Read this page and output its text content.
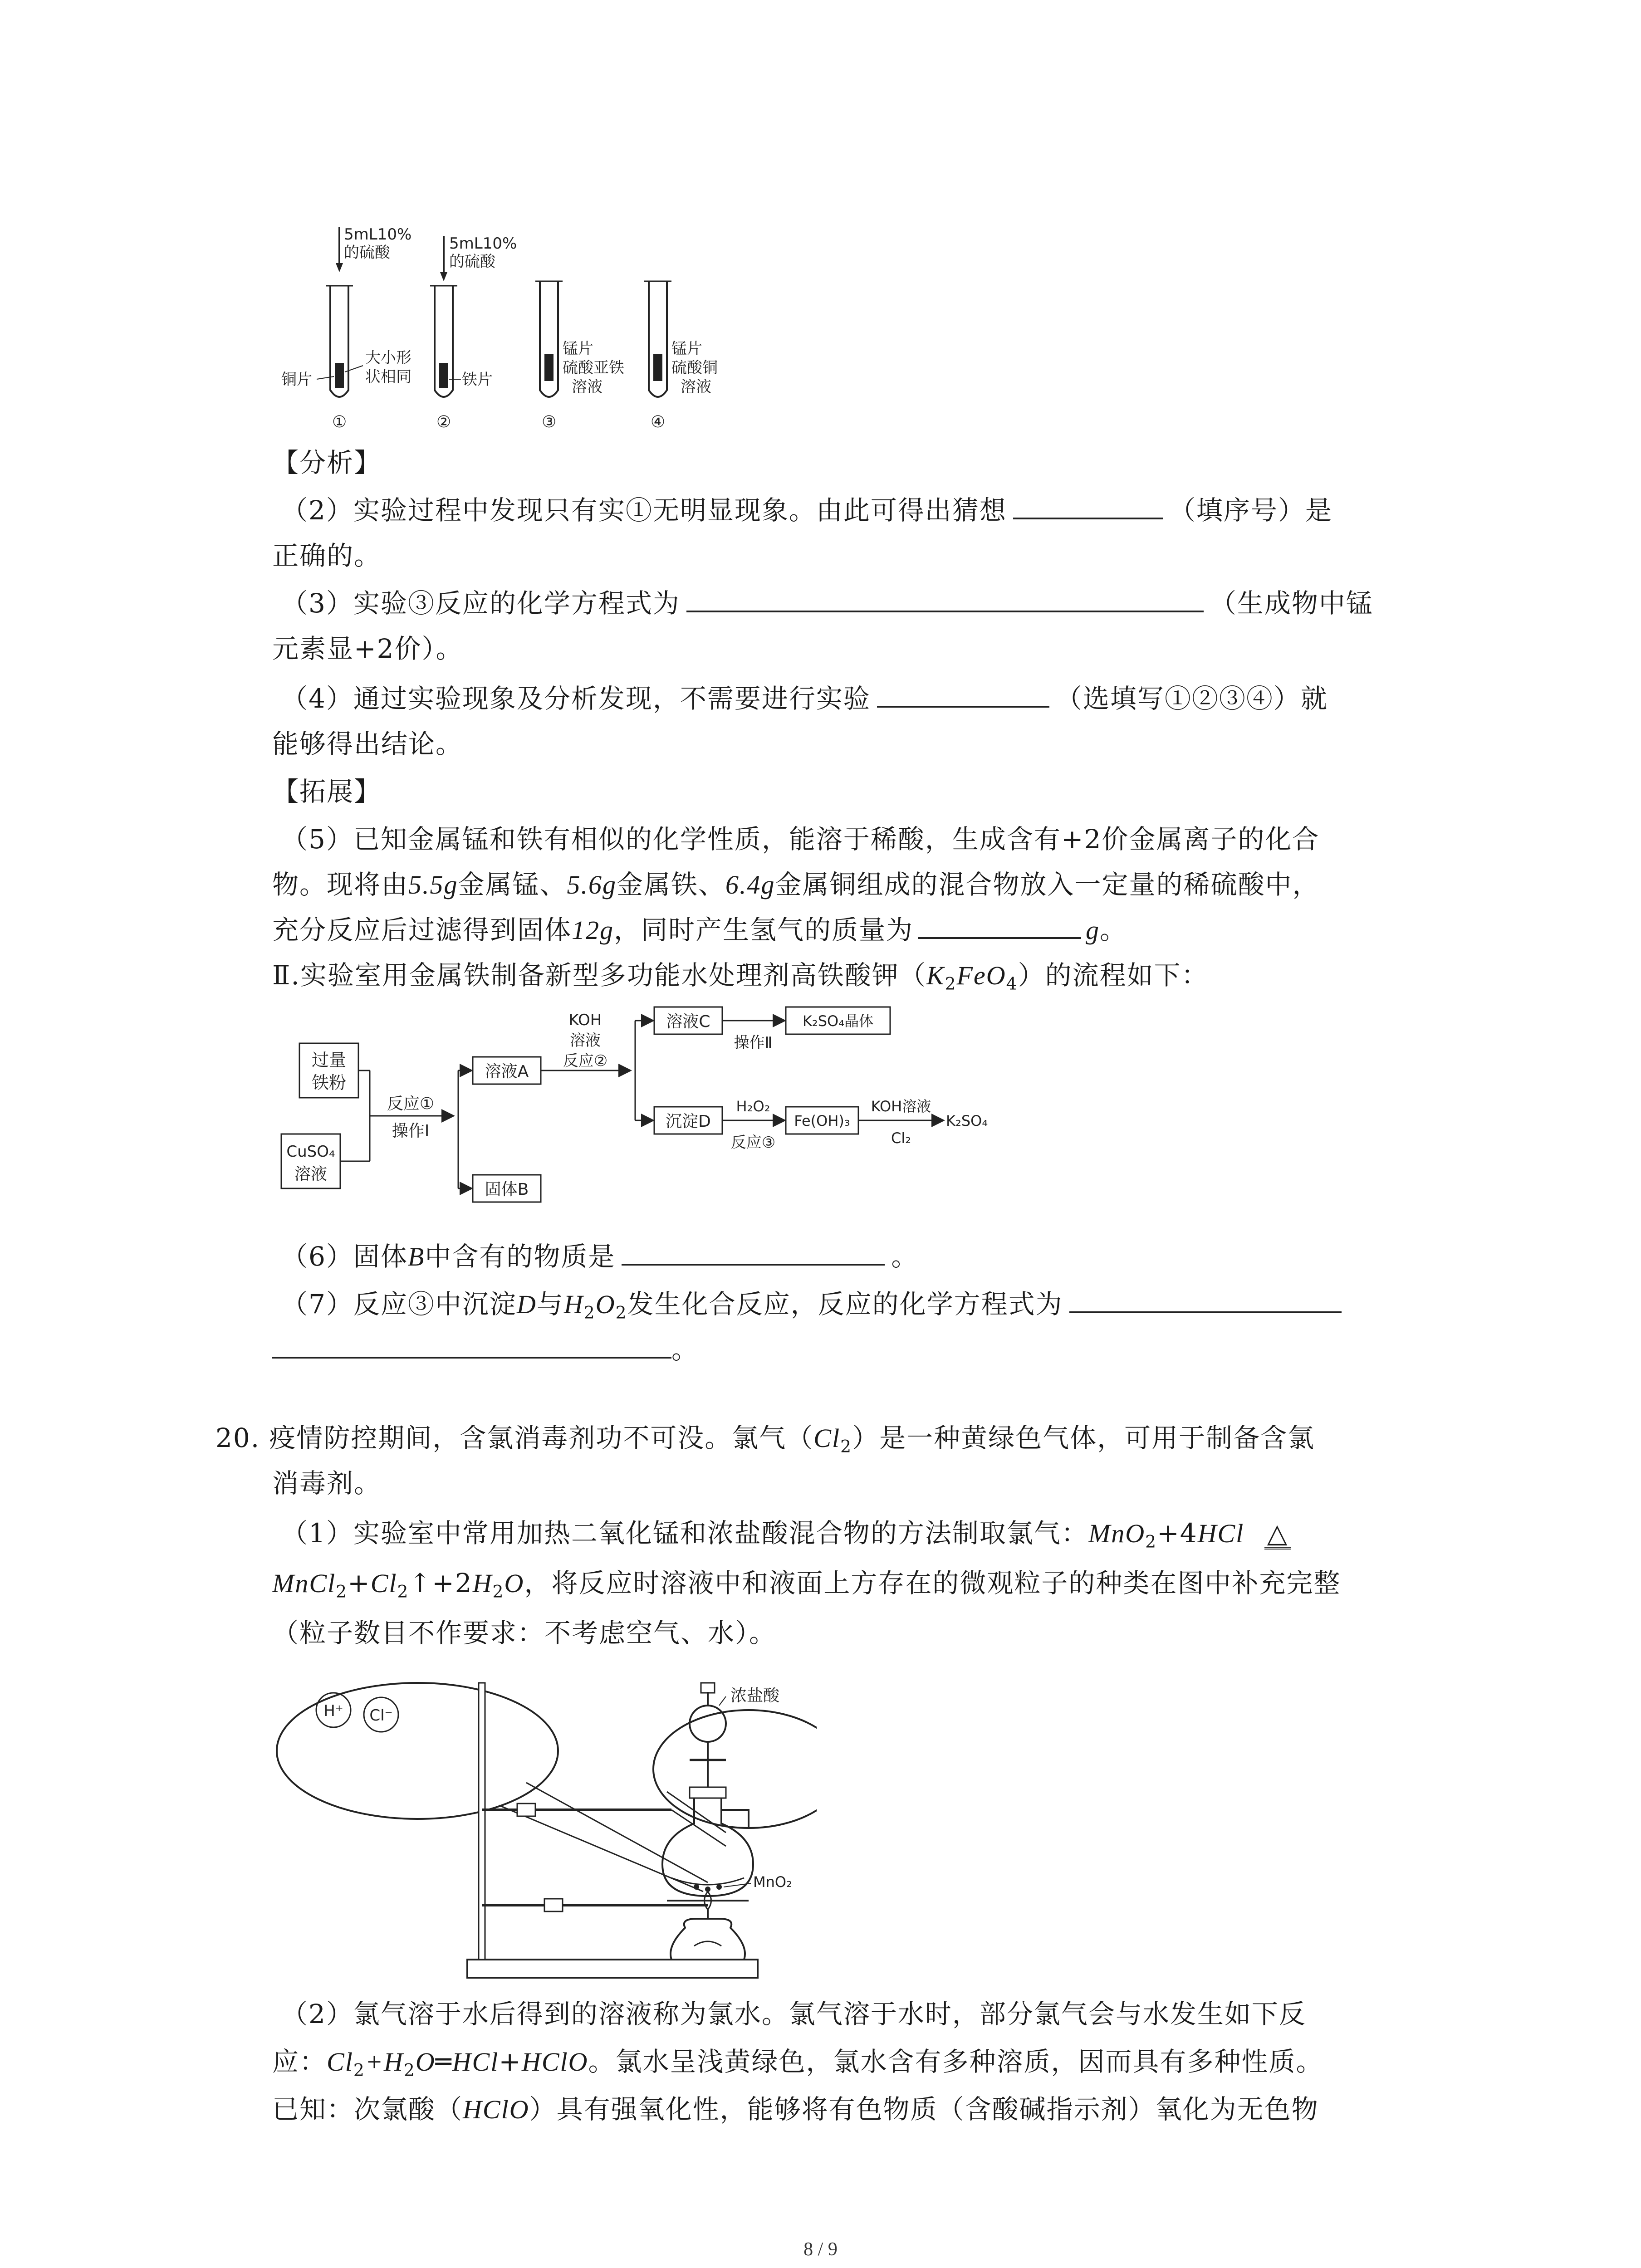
5mL10%
的硫酸	5mL10%
的硫酸
铜片
大小形
状相同	铁片
锰片
硫酸亚铁
溶液
锰片
硫酸铜
溶液
①	②	③	④
【分析】
（2）实验过程中发现只有实①无明显现象。由此可得出猜想	（填序号）是
正确的。
（3）实验③反应的化学方程式为	（生成物中锰
元素显+2价）。
（4）通过实验现象及分析发现，不需要进行实验	（选填写①②③④）就
能够得出结论。
【拓展】
（5）已知金属锰和铁有相似的化学性质，能溶于稀酸，生成含有+2价金属离子的化合
物。现将由5.5g金属锰、5.6g金属铁、6.4g金属铜组成的混合物放入一定量的稀硫酸中，
充分反应后过滤得到固体12g，同时产生氢气的质量为	g。
Ⅱ.实验室用金属铁制备新型多功能水处理剂高铁酸钾$(K_2FeO_4)$的流程如下：
过量
铁粉
CuSO₄
溶液
反应①
操作Ⅰ
溶液A
固体B
KOH
溶液
反应②
溶液C
操作Ⅱ
K₂SO₄晶体
沉淀D
H₂O₂
反应③
Fe(OH)₃
KOH溶液
Cl₂
K₂SO₄
（6）固体B中含有的物质是	。
（7）反应③中沉淀D与$H_2O_2$发生化合反应，反应的化学方程式为
。
20. 疫情防控期间，含氯消毒剂功不可没。氯气$(Cl_2)$是一种黄绿色气体，可用于制备含氯
消毒剂。
（1）实验室中常用加热二氧化锰和浓盐酸混合物的方法制取氯气：MnO$_2$+4HCl △
$MnCl_2+Cl_2↑+2H_2O$，将反应时溶液中和液面上方存在的微观粒子的种类在图中补充完整
（粒子数目不作要求：不考虑空气、水）。
H⁺ Cl⁻
浓盐酸
MnO₂
（2）氯气溶于水后得到的溶液称为氯水。氯气溶于水时，部分氯气会与水发生如下反
应：$Cl_2+H_2O═HCl+HClO$。氯水呈浅黄绿色，氯水含有多种溶质，因而具有多种性质。
已知：次氯酸（HClO）具有强氧化性，能够将有色物质（含酸碱指示剂）氧化为无色物
8 / 9
